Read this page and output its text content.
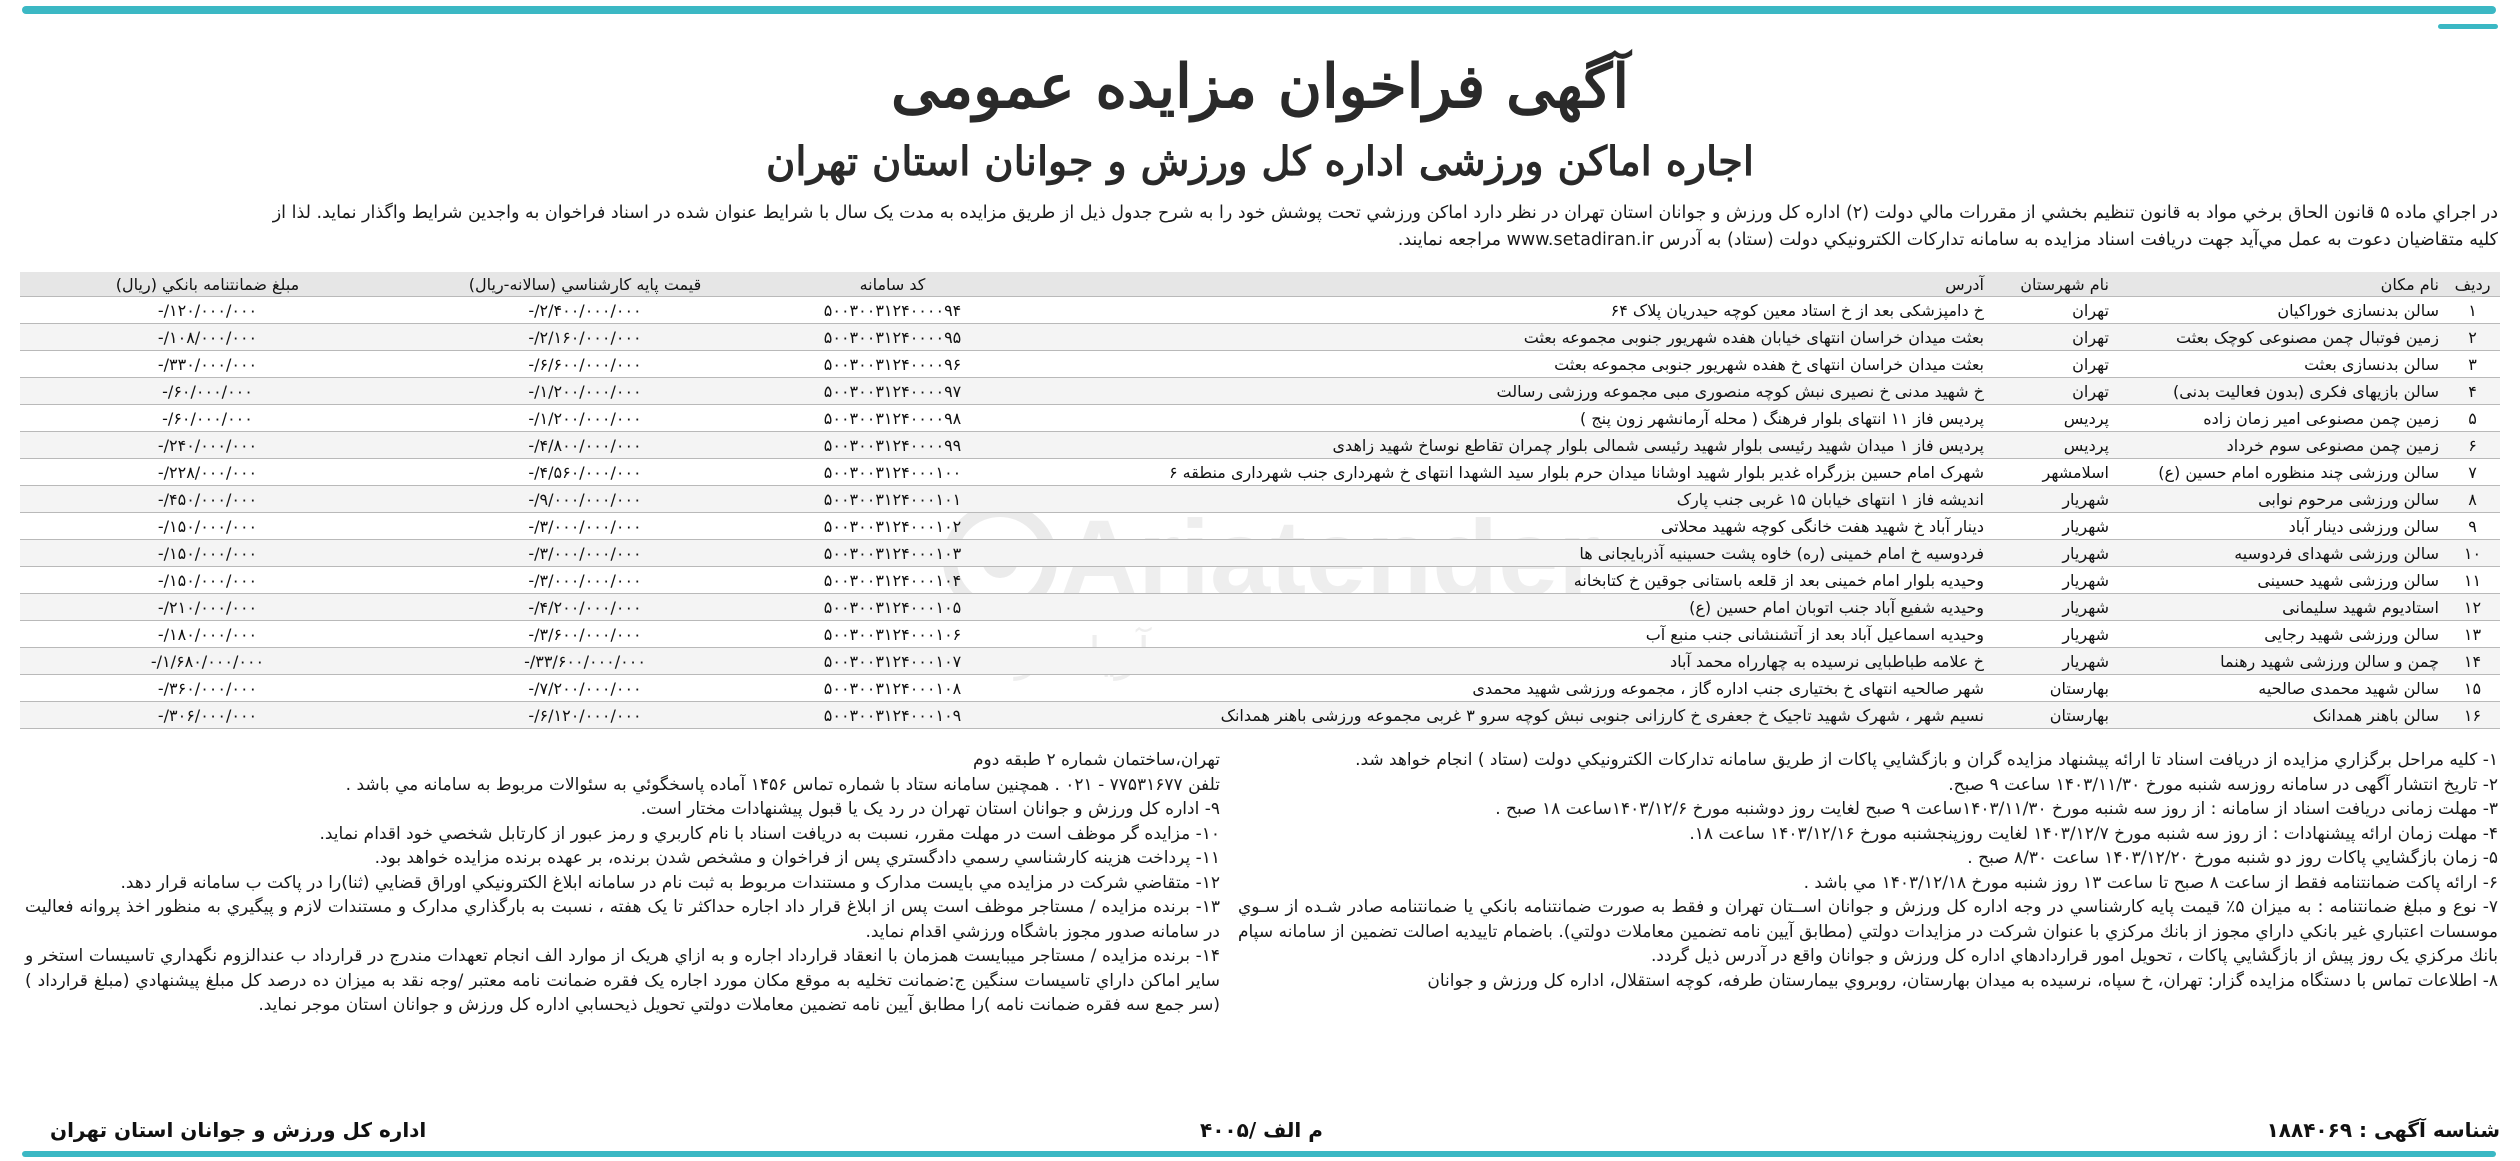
آگهی فراخوان مزایده عمومی
اجاره اماکن ورزشی اداره کل ورزش و جوانان استان تهران
در اجراي ماده ۵ قانون الحاق برخي مواد به قانون تنظيم بخشي از مقررات مالي دولت (۲) اداره كل ورزش و جوانان استان تهران در نظر دارد اماكن ورزشي تحت پوشش خود را به شرح جدول ذيل از طريق مزايده به مدت يک سال با شرايط عنوان شده در اسناد فراخوان به واجدين شرايط واگذار نمايد. لذا از
كليه متقاضيان دعوت به عمل مي‌آيد جهت دريافت اسناد مزايده به سامانه تداركات الكترونيكي دولت (ستاد) به آدرس www.setadiran.ir مراجعه نمايند.
رديف	نام مكان	نام شهرستان	آدرس	كد سامانه	قيمت پايه كارشناسي (سالانه-ريال)	مبلغ ضمانتنامه بانكي (ريال)
۱	سالن بدنسازی خوراکیان	تهران	خ دامپزشکی بعد از خ استاد معین کوچه حیدریان پلاک ۶۴	۵۰۰۳۰۰۳۱۲۴۰۰۰۰۹۴	۲/۴۰۰/۰۰۰/۰۰۰/-	۱۲۰/۰۰۰/۰۰۰/-
۲	زمین فوتبال چمن مصنوعی کوچک بعثت	تهران	بعثت میدان خراسان انتهای خیابان هفده شهریور جنوبی مجموعه بعثت	۵۰۰۳۰۰۳۱۲۴۰۰۰۰۹۵	۲/۱۶۰/۰۰۰/۰۰۰/-	۱۰۸/۰۰۰/۰۰۰/-
۳	سالن بدنسازی بعثت	تهران	بعثت میدان خراسان انتهای خ هفده شهریور جنوبی مجموعه بعثت	۵۰۰۳۰۰۳۱۲۴۰۰۰۰۹۶	۶/۶۰۰/۰۰۰/۰۰۰/-	۳۳۰/۰۰۰/۰۰۰/-
۴	سالن بازیهای فکری (بدون فعالیت بدنی)	تهران	خ شهید مدنی خ نصیری نبش کوچه منصوری مبی مجموعه ورزشی رسالت	۵۰۰۳۰۰۳۱۲۴۰۰۰۰۹۷	۱/۲۰۰/۰۰۰/۰۰۰/-	۶۰/۰۰۰/۰۰۰/-
۵	زمین چمن مصنوعی امیر زمان زاده	پردیس	پردیس فاز ۱۱ انتهای بلوار فرهنگ ( محله آرمانشهر زون پنج )	۵۰۰۳۰۰۳۱۲۴۰۰۰۰۹۸	۱/۲۰۰/۰۰۰/۰۰۰/-	۶۰/۰۰۰/۰۰۰/-
۶	زمین چمن مصنوعی سوم خرداد	پردیس	پردیس فاز ۱ میدان شهید رئیسی بلوار شهید رئیسی شمالی بلوار چمران تقاطع نوساخ شهید زاهدی	۵۰۰۳۰۰۳۱۲۴۰۰۰۰۹۹	۴/۸۰۰/۰۰۰/۰۰۰/-	۲۴۰/۰۰۰/۰۰۰/-
۷	سالن ورزشی چند منظوره امام حسین (ع)	اسلامشهر	شهرک امام حسین بزرگراه غدیر بلوار شهید اوشانا میدان حرم بلوار سید الشهدا انتهای خ شهرداری جنب شهرداری منطقه ۶	۵۰۰۳۰۰۳۱۲۴۰۰۰۱۰۰	۴/۵۶۰/۰۰۰/۰۰۰/-	۲۲۸/۰۰۰/۰۰۰/-
۸	سالن ورزشی مرحوم نوابی	شهریار	اندیشه فاز ۱ انتهای خیابان ۱۵ غربی جنب پارک	۵۰۰۳۰۰۳۱۲۴۰۰۰۱۰۱	۹/۰۰۰/۰۰۰/۰۰۰/-	۴۵۰/۰۰۰/۰۰۰/-
۹	سالن ورزشی دینار آباد	شهریار	دینار آباد خ شهید هفت خانگی کوچه شهید محلاتی	۵۰۰۳۰۰۳۱۲۴۰۰۰۱۰۲	۳/۰۰۰/۰۰۰/۰۰۰/-	۱۵۰/۰۰۰/۰۰۰/-
۱۰	سالن ورزشی شهدای فردوسیه	شهریار	فردوسیه خ امام خمینی (ره) خاوه پشت حسینیه آذربایجانی ها	۵۰۰۳۰۰۳۱۲۴۰۰۰۱۰۳	۳/۰۰۰/۰۰۰/۰۰۰/-	۱۵۰/۰۰۰/۰۰۰/-
۱۱	سالن ورزشی شهید حسینی	شهریار	وحیدیه بلوار امام خمینی بعد از قلعه باستانی جوقین خ کتابخانه	۵۰۰۳۰۰۳۱۲۴۰۰۰۱۰۴	۳/۰۰۰/۰۰۰/۰۰۰/-	۱۵۰/۰۰۰/۰۰۰/-
۱۲	استادیوم شهید سلیمانی	شهریار	وحیدیه شفیع آباد جنب اتوبان امام حسین (ع)	۵۰۰۳۰۰۳۱۲۴۰۰۰۱۰۵	۴/۲۰۰/۰۰۰/۰۰۰/-	۲۱۰/۰۰۰/۰۰۰/-
۱۳	سالن ورزشی شهید رجایی	شهریار	وحیدیه اسماعیل آباد بعد از آتشنشانی جنب منبع آب	۵۰۰۳۰۰۳۱۲۴۰۰۰۱۰۶	۳/۶۰۰/۰۰۰/۰۰۰/-	۱۸۰/۰۰۰/۰۰۰/-
۱۴	چمن و سالن ورزشی شهید رهنما	شهریار	خ علامه طباطبایی نرسیده به چهارراه محمد آباد	۵۰۰۳۰۰۳۱۲۴۰۰۰۱۰۷	۳۳/۶۰۰/۰۰۰/۰۰۰/-	۱/۶۸۰/۰۰۰/۰۰۰/-
۱۵	سالن شهید محمدی صالحیه	بهارستان	شهر صالحیه انتهای خ بختیاری جنب اداره گاز ، مجموعه ورزشی شهید محمدی	۵۰۰۳۰۰۳۱۲۴۰۰۰۱۰۸	۷/۲۰۰/۰۰۰/۰۰۰/-	۳۶۰/۰۰۰/۰۰۰/-
۱۶	سالن باهنر همدانک	بهارستان	نسیم شهر ، شهرک شهید تاجیک خ جعفری خ کارزانی جنوبی نبش کوچه سرو ۳ غربی مجموعه ورزشی باهنر همدانک	۵۰۰۳۰۰۳۱۲۴۰۰۰۱۰۹	۶/۱۲۰/۰۰۰/۰۰۰/-	۳۰۶/۰۰۰/۰۰۰/-

۱- كليه مراحل برگزاري مزايده از دريافت اسناد تا ارائه پيشنهاد مزايده گران و بازگشايي پاكات از طريق سامانه تداركات الكترونيكي دولت (ستاد ) انجام خواهد شد.

۲- تاريخ انتشار آگهی در سامانه روزسه شنبه مورخ ۱۴۰۳/۱۱/۳۰ ساعت ۹ صبح.

۳- مهلت زمانی دريافت اسناد از سامانه : از روز سه شنبه مورخ ۱۴۰۳/۱۱/۳۰ساعت ۹ صبح لغايت روز دوشنبه مورخ ۱۴۰۳/۱۲/۶ساعت ۱۸ صبح .

۴- مهلت زمان ارائه پيشنهادات : از روز سه شنبه مورخ ۱۴۰۳/۱۲/۷ لغايت روزپنجشنبه مورخ ۱۴۰۳/۱۲/۱۶ ساعت ۱۸.

۵- زمان بازگشايي پاكات روز دو شنبه مورخ ۱۴۰۳/۱۲/۲۰ ساعت ۸/۳۰ صبح .

۶- ارائه پاكت ضمانتنامه فقط از ساعت ۸ صبح تا ساعت ۱۳ روز شنبه مورخ ۱۴۰۳/۱۲/۱۸ مي باشد .

۷- نوع و مبلغ ضمانتنامه : به ميزان ۵٪ قيمت پايه كارشناسي در وجه اداره كل ورزش و جوانان اســتان تهران و فقط به صورت ضمانتنامه بانكي يا ضمانتنامه صادر شـده از سـوي موسسات اعتباري غير بانكي داراي مجوز از بانك مركزي با عنوان شركت در مزايدات دولتي (مطابق آيين نامه تضمين معاملات دولتي). باضمام تاييديه اصالت تضمين از سامانه سپام بانك مركزي يک روز پيش از بازگشايي پاكات ، تحويل امور قراردادهاي اداره كل ورزش و جوانان واقع در آدرس ذيل گردد.

۸- اطلاعات تماس با دستگاه مزايده گزار: تهران، خ سپاه، نرسيده به ميدان بهارستان، روبروي بيمارستان طرفه، كوچه استقلال، اداره كل ورزش و جوانان

تهران،ساختمان شماره ۲ طبقه دوم

تلفن ۷۷۵۳۱۶۷۷ - ۰۲۱ . همچنين سامانه ستاد با شماره تماس ۱۴۵۶ آماده پاسخگوئي به سئوالات مربوط به سامانه مي باشد .

۹- اداره كل ورزش و جوانان استان تهران در رد يک يا قبول پيشنهادات مختار است.

۱۰- مزايده گر موظف است در مهلت مقرر، نسبت به دريافت اسناد با نام كاربري و رمز عبور از كارتابل شخصي خود اقدام نمايد.

۱۱- پرداخت هزينه كارشناسي رسمي دادگستري پس از فراخوان و مشخص شدن برنده، بر عهده برنده مزايده خواهد بود.

۱۲- متقاضي شركت در مزايده مي بايست مدارک و مستندات مربوط به ثبت نام در سامانه ابلاغ الكترونيكي اوراق قضايي (ثنا)را در پاكت ب سامانه قرار دهد.

۱۳- برنده مزايده / مستاجر موظف است پس از ابلاغ قرار داد اجاره حداكثر تا يک هفته ، نسبت به بارگذاري مدارک و مستندات لازم و پيگيري به منظور اخذ پروانه فعاليت در سامانه صدور مجوز باشگاه ورزشي اقدام نمايد.

۱۴- برنده مزايده / مستاجر ميبايست همزمان با انعقاد قرارداد اجاره و به ازاي هريک از موارد الف انجام تعهدات مندرج در قرارداد ب عندالزوم نگهداري تاسيسات استخر و ساير اماكن داراي تاسيسات سنگين ج:ضمانت تخليه به موقع مكان مورد اجاره يک فقره ضمانت نامه معتبر /وجه نقد به ميزان ده درصد كل مبلغ پيشنهادي (مبلغ قرارداد )(سر جمع سه فقره ضمانت نامه )را مطابق آيين نامه تضمين معاملات دولتي تحويل ذيحسابي اداره كل ورزش و جوانان استان موجر نمايد.

شناسه آگهی : ۱۸۸۴۰۶۹
م الف /۴۰۰۵
اداره کل ورزش و جوانان استان تهران
